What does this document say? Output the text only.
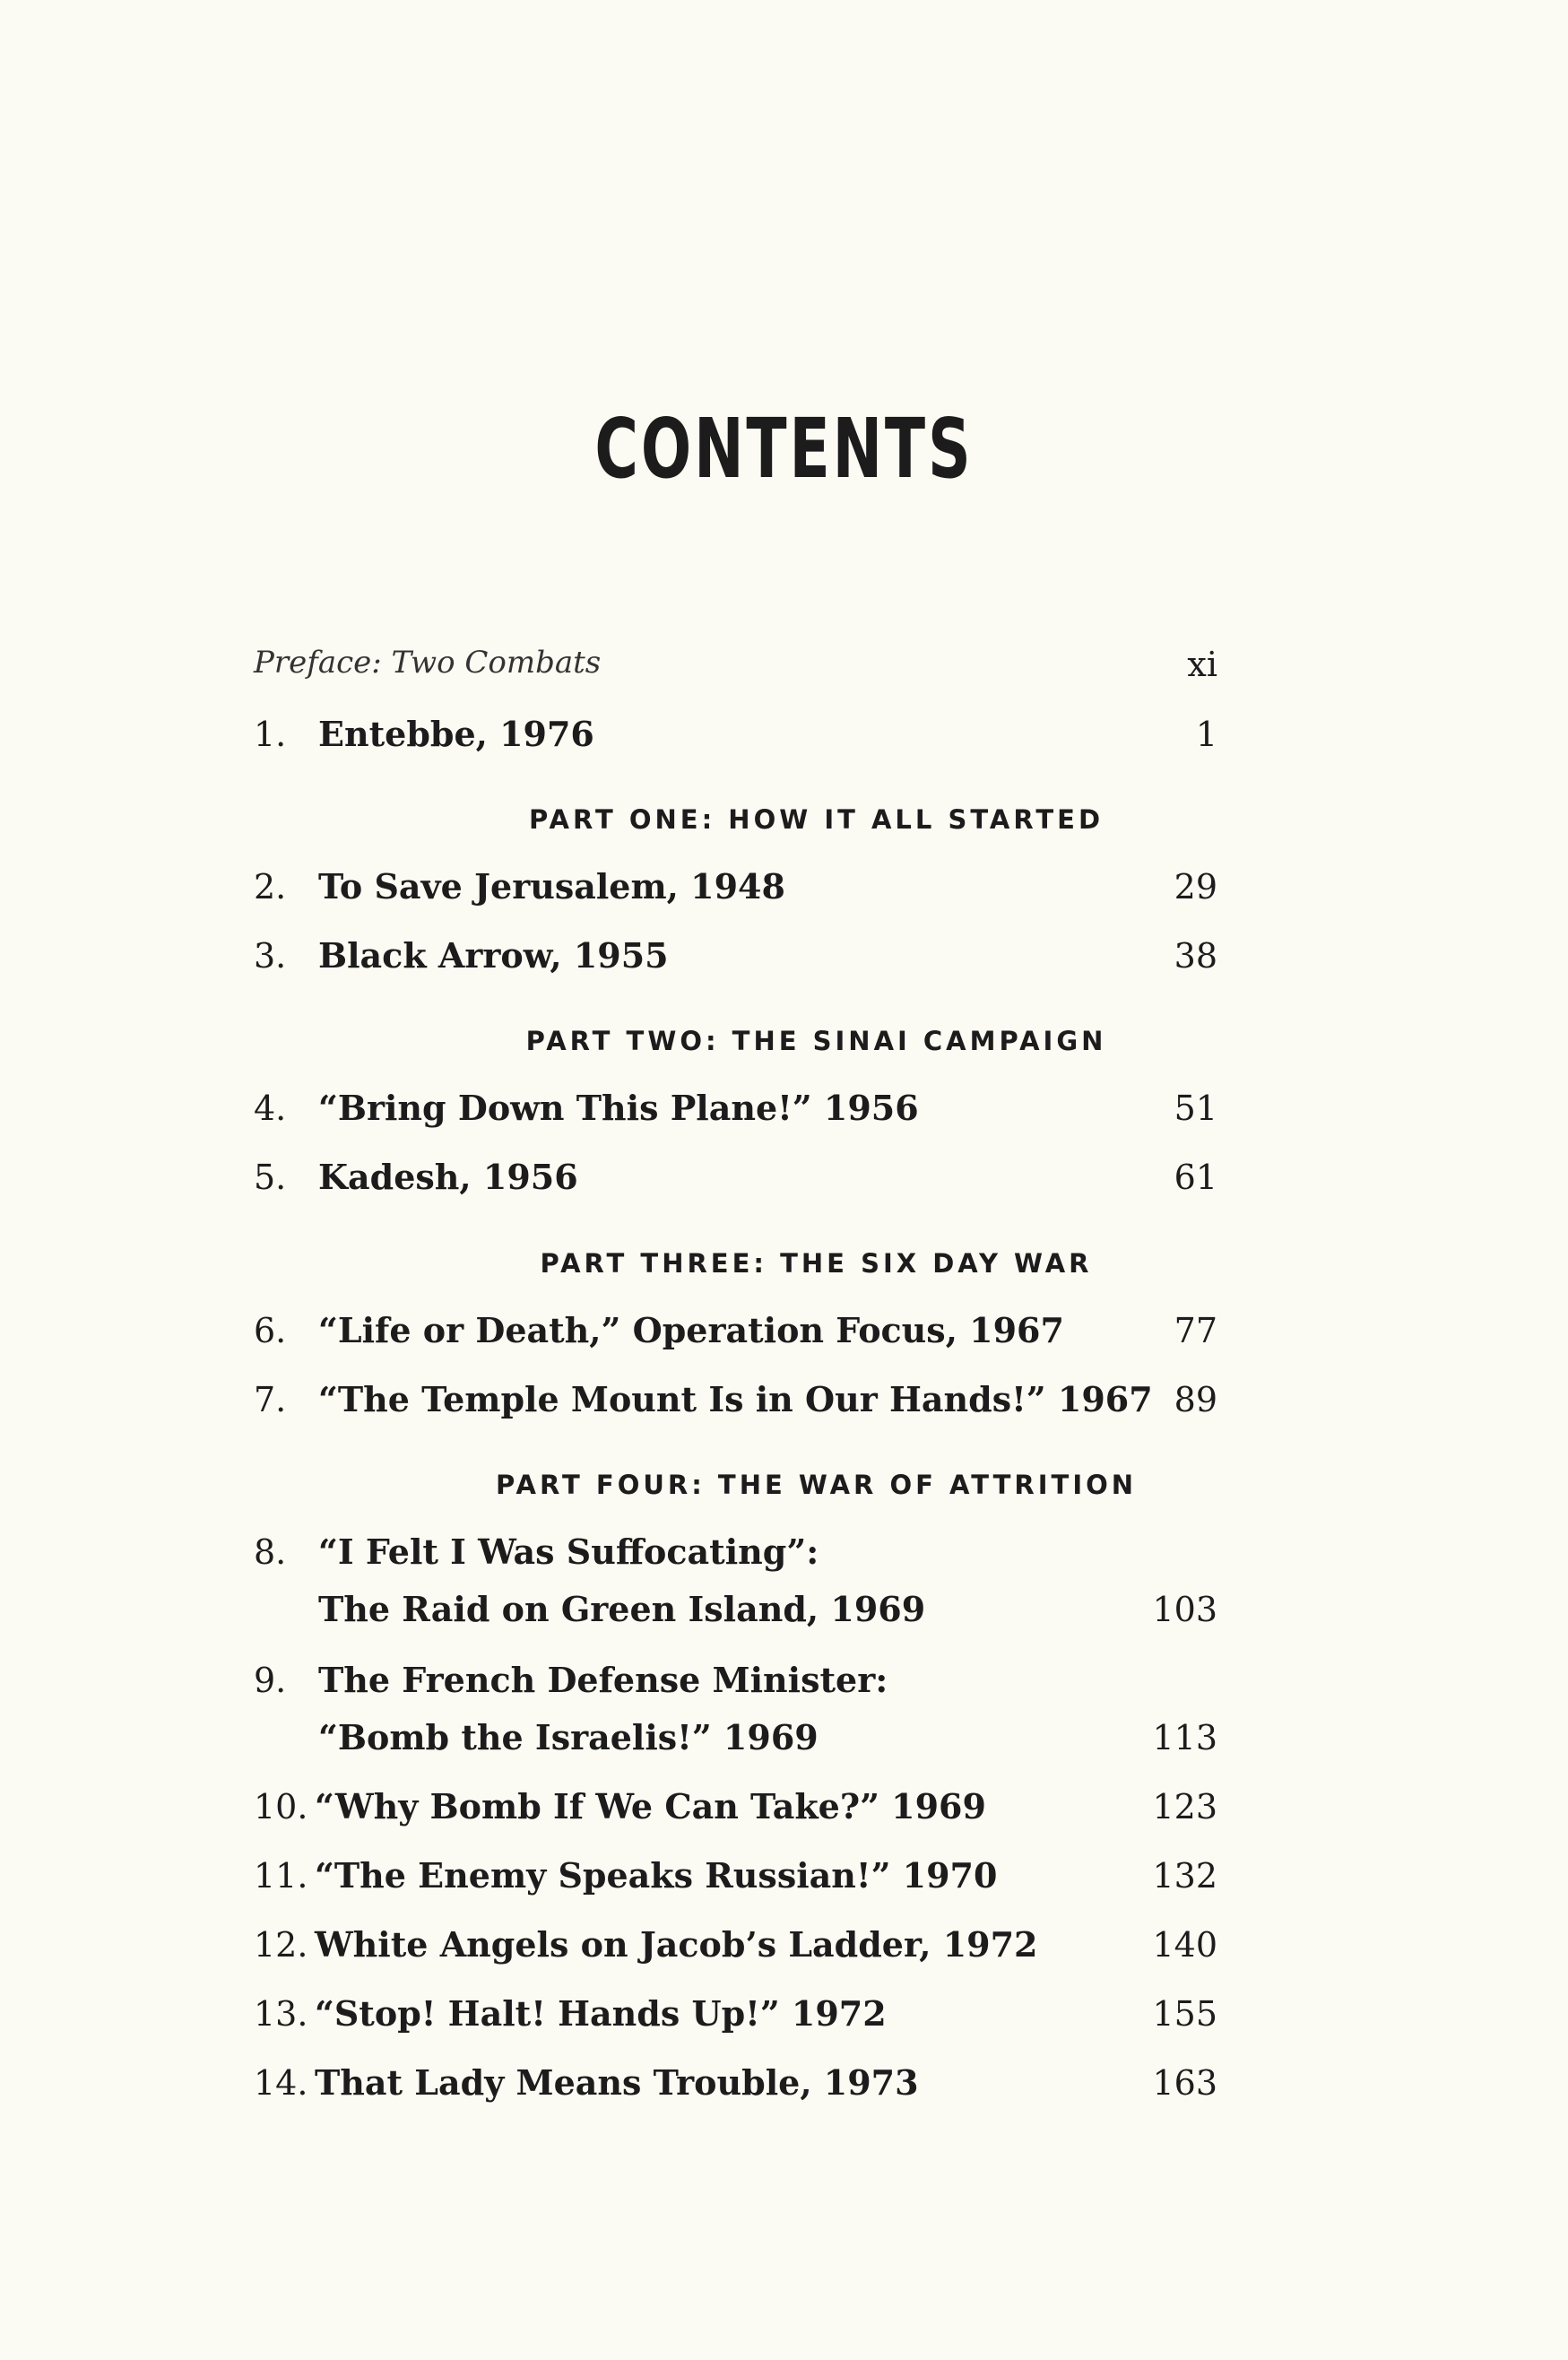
CONTENTS
Preface: Two Combats	xi
1. Entebbe, 1976	1
PART ONE: HOW IT ALL STARTED
2. To Save Jerusalem, 1948	29
3. Black Arrow, 1955	38
PART TWO: THE SINAI CAMPAIGN
4. “Bring Down This Plane!” 1956	51
5. Kadesh, 1956	61
PART THREE: THE SIX DAY WAR
6. “Life or Death,” Operation Focus, 1967	77
7. “The Temple Mount Is in Our Hands!” 1967 89
PART FOUR: THE WAR OF ATTRITION
8. “I Felt I Was Suffocating”:
The Raid on Green Island, 1969	103
9. The French Defense Minister:
“Bomb the Israelis!” 1969	113
10. “Why Bomb If We Can Take?” 1969	123
11. “The Enemy Speaks Russian!” 1970	132
12. White Angels on Jacob’s Ladder, 1972	140
13. “Stop! Halt! Hands Up!” 1972	155
14. That Lady Means Trouble, 1973	163
